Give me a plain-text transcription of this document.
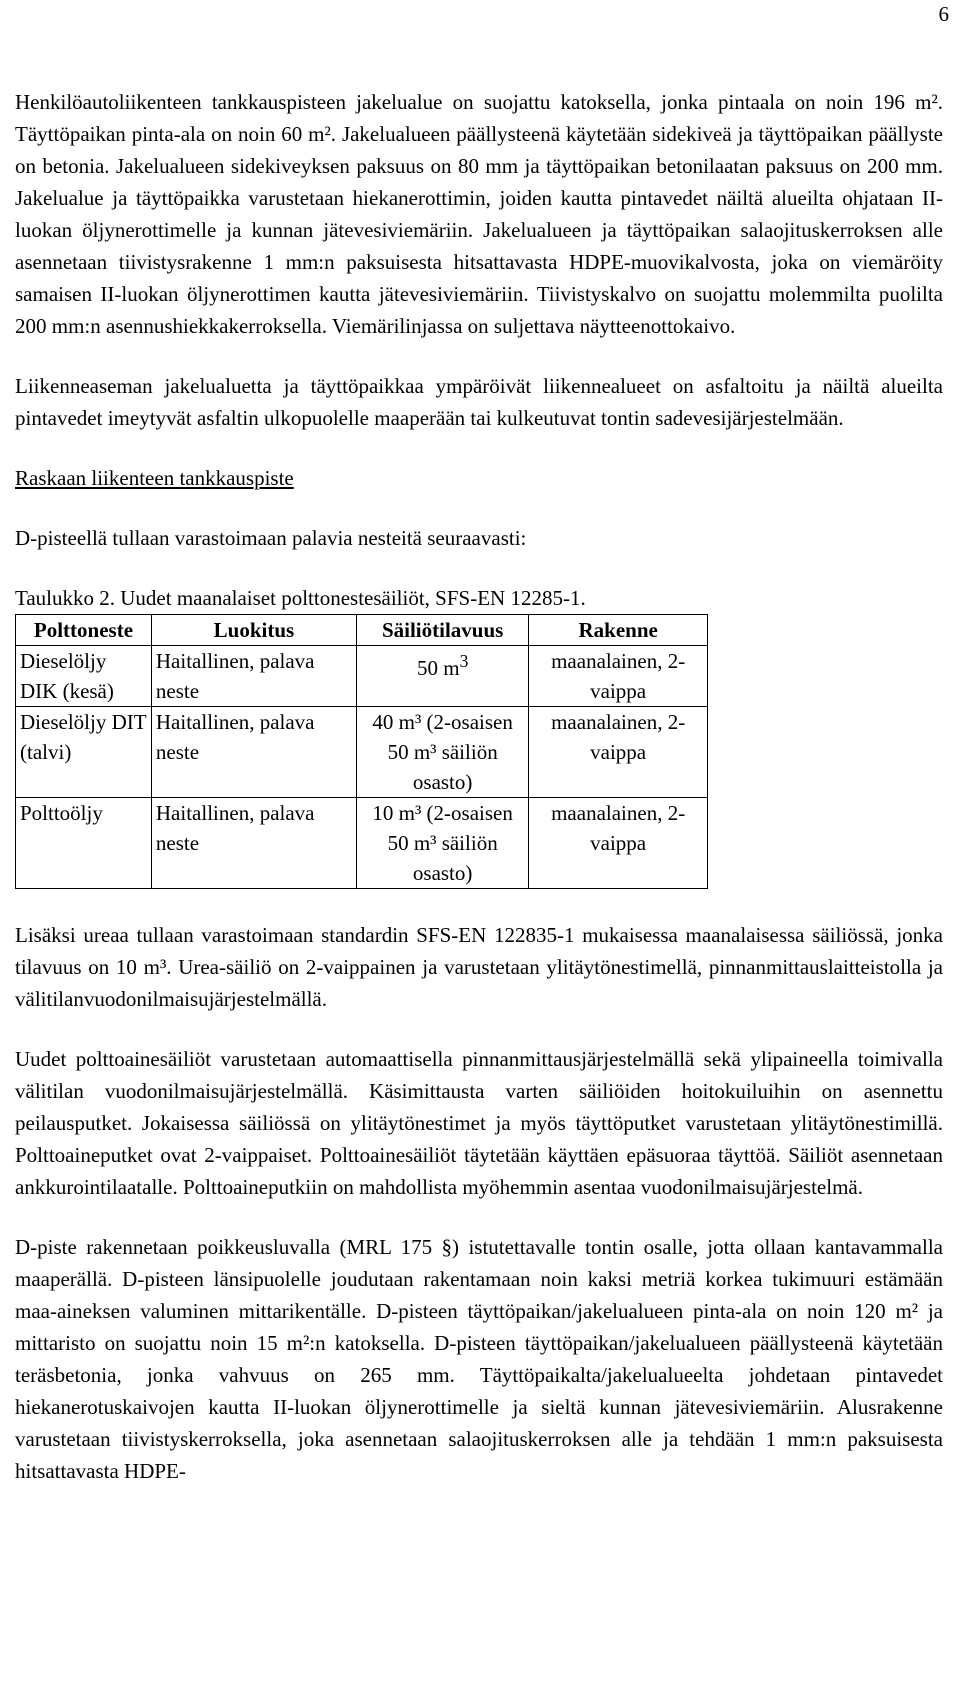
6

Henkilöautoliikenteen tankkauspisteen jakelualue on suojattu katoksella, jonka pintaala on noin 196 m². Täyttöpaikan pinta-ala on noin 60 m². Jakelualueen päällysteenä käytetään sidekiveä ja täyttöpaikan päällyste on betonia. Jakelualueen sidekiveyksen paksuus on 80 mm ja täyttöpaikan betonilaatan paksuus on 200 mm. Jakelualue ja täyttöpaikka varustetaan hiekanerottimin, joiden kautta pintavedet näiltä alueilta ohjataan II-luokan öljynerottimelle ja kunnan jätevesiviemäriin. Jakelualueen ja täyttöpaikan salaojituskerroksen alle asennetaan tiivistysrakenne 1 mm:n paksuisesta hitsattavasta HDPE-muovikalvosta, joka on viemäröity samaisen II-luokan öljynerottimen kautta jätevesiviemäriin. Tiivistyskalvo on suojattu molemmilta puolilta 200 mm:n asennushiekkakerroksella. Viemärilinjassa on suljettava näytteenottokaivo.

Liikenneaseman jakelualuetta ja täyttöpaikkaa ympäröivät liikennealueet on asfaltoitu ja näiltä alueilta pintavedet imeytyvät asfaltin ulkopuolelle maaperään tai kulkeutuvat tontin sadevesijärjestelmään.

Raskaan liikenteen tankkauspiste

D-pisteellä tullaan varastoimaan palavia nesteitä seuraavasti:

Taulukko 2. Uudet maanalaiset polttonestesäiliöt, SFS-EN 12285-1.

Polttoneste	Luokitus	Säiliötilavuus	Rakenne
Dieselöljy DIK (kesä)	Haitallinen, palava neste	50 $m^3$	maanalainen, 2-vaippa
Dieselöljy DIT (talvi)	Haitallinen, palava neste	40 m³ (2-osaisen 50 m³ säiliön osasto)	maanalainen, 2-vaippa
Polttoöljy	Haitallinen, palava neste	10 m³ (2-osaisen 50 m³ säiliön osasto)	maanalainen, 2-vaippa

Lisäksi ureaa tullaan varastoimaan standardin SFS-EN 122835-1 mukaisessa maanalaisessa säiliössä, jonka tilavuus on 10 m³. Urea-säiliö on 2-vaippainen ja varustetaan ylitäytönestimellä, pinnanmittauslaitteistolla ja välitilanvuodonilmaisujärjestelmällä.

Uudet polttoainesäiliöt varustetaan automaattisella pinnanmittausjärjestelmällä sekä ylipaineella toimivalla välitilan vuodonilmaisujärjestelmällä. Käsimittausta varten säiliöiden hoitokuiluihin on asennettu peilausputket. Jokaisessa säiliössä on ylitäytönestimet ja myös täyttöputket varustetaan ylitäytönestimillä. Polttoaineputket ovat 2-vaippaiset. Polttoainesäiliöt täytetään käyttäen epäsuoraa täyttöä. Säiliöt asennetaan ankkurointilaatalle. Polttoaineputkiin on mahdollista myöhemmin asentaa vuodonilmaisujärjestelmä.

D-piste rakennetaan poikkeusluvalla (MRL 175 §) istutettavalle tontin osalle, jotta ollaan kantavammalla maaperällä. D-pisteen länsipuolelle joudutaan rakentamaan noin kaksi metriä korkea tukimuuri estämään maa-aineksen valuminen mittarikentälle. D-pisteen täyttöpaikan/jakelualueen pinta-ala on noin 120 m² ja mittaristo on suojattu noin 15 m²:n katoksella. D-pisteen täyttöpaikan/jakelualueen päällysteenä käytetään teräsbetonia, jonka vahvuus on 265 mm. Täyttöpaikalta/jakelualueelta johdetaan pintavedet hiekanerotuskaivojen kautta II-luokan öljynerottimelle ja sieltä kunnan jätevesiviemäriin. Alusrakenne varustetaan tiivistyskerroksella, joka asennetaan salaojituskerroksen alle ja tehdään 1 mm:n paksuisesta hitsattavasta HDPE-
